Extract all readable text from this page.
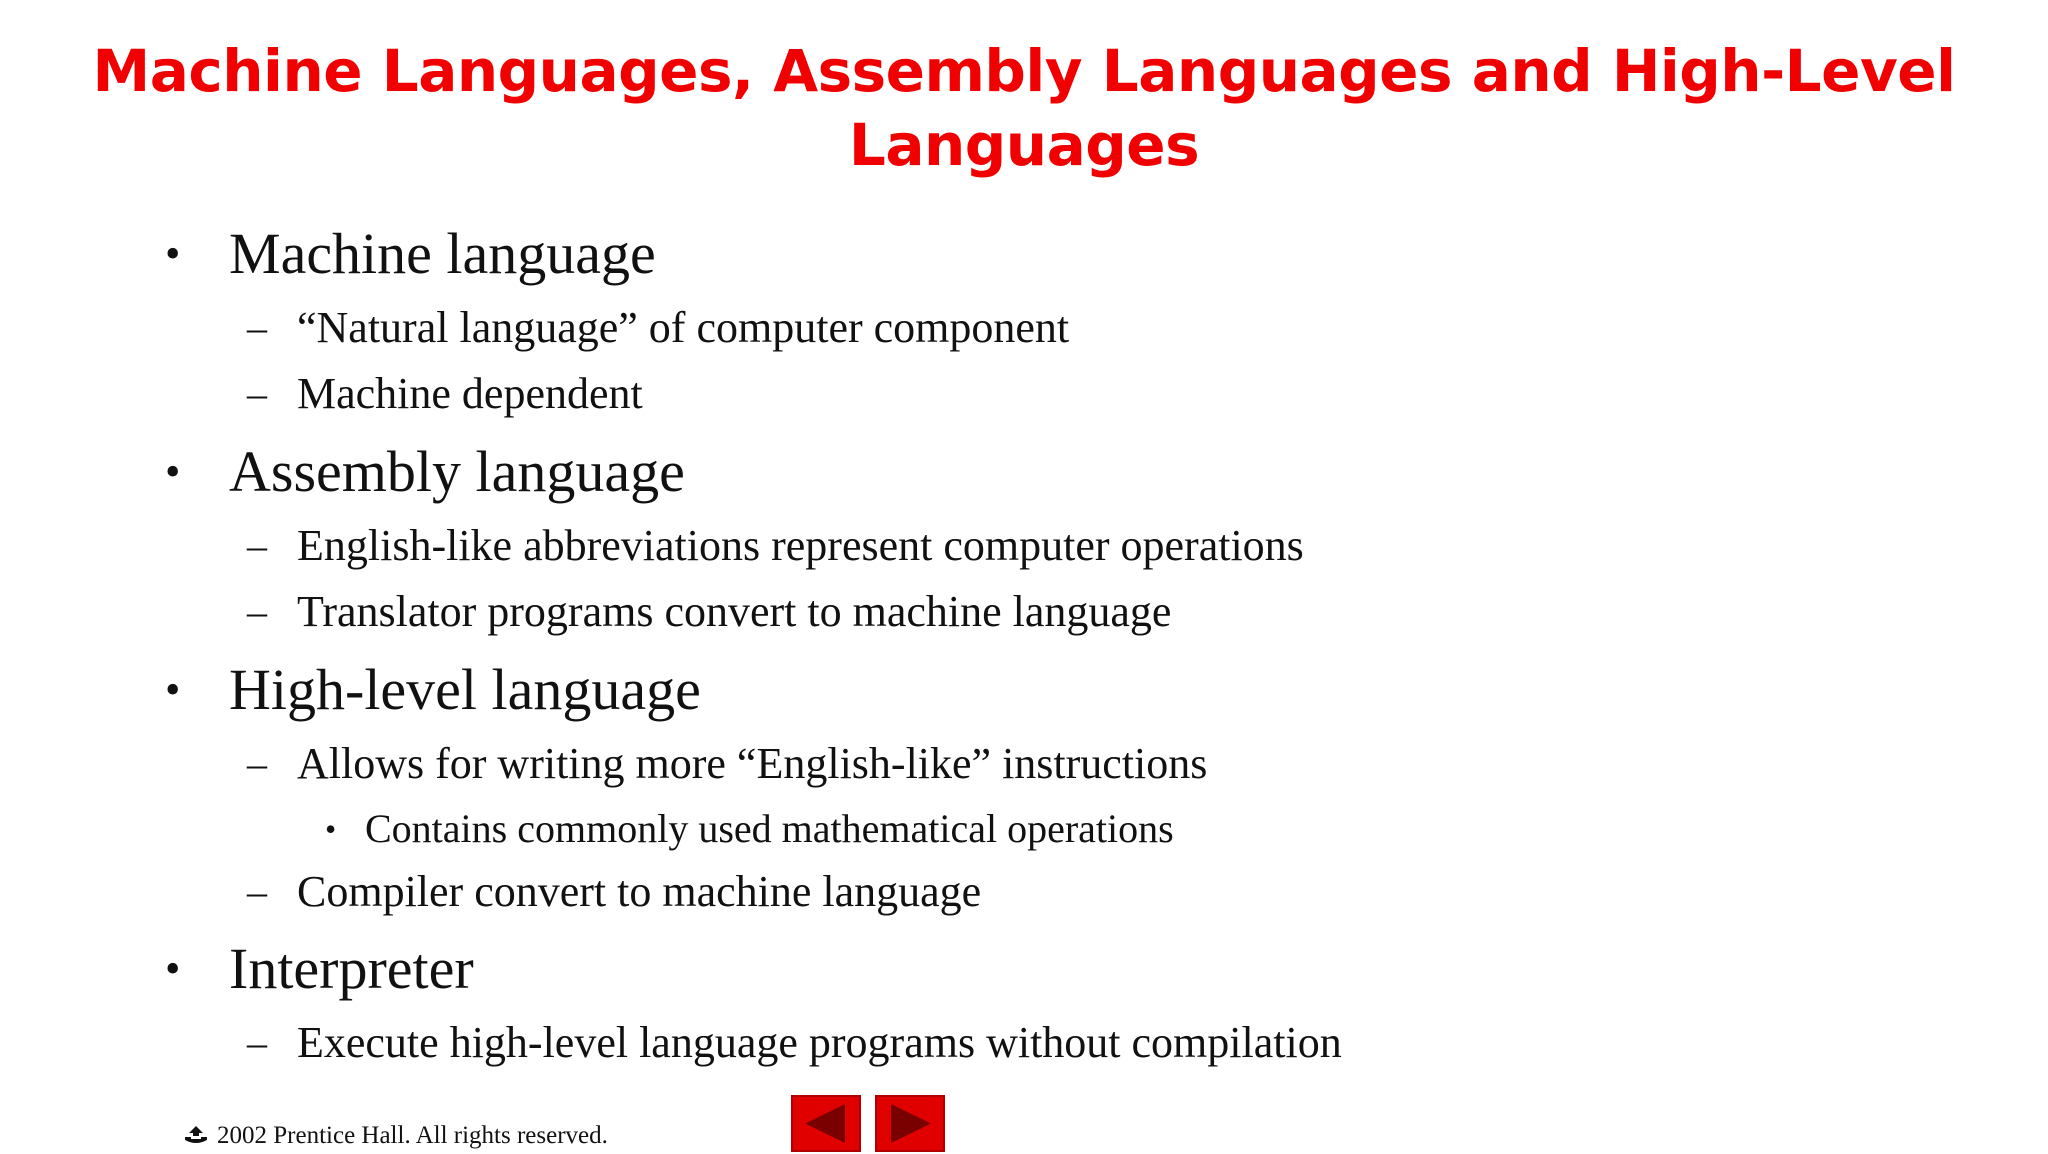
Machine Languages, Assembly Languages and High-Level
Languages
• Machine language
– “Natural language” of computer component
– Machine dependent
• Assembly language
– English-like abbreviations represent computer operations
– Translator programs convert to machine language
• High-level language
– Allows for writing more “English-like” instructions
• Contains commonly used mathematical operations
– Compiler convert to machine language
• Interpreter
– Execute high-level language programs without compilation
2002 Prentice Hall. All rights reserved.
